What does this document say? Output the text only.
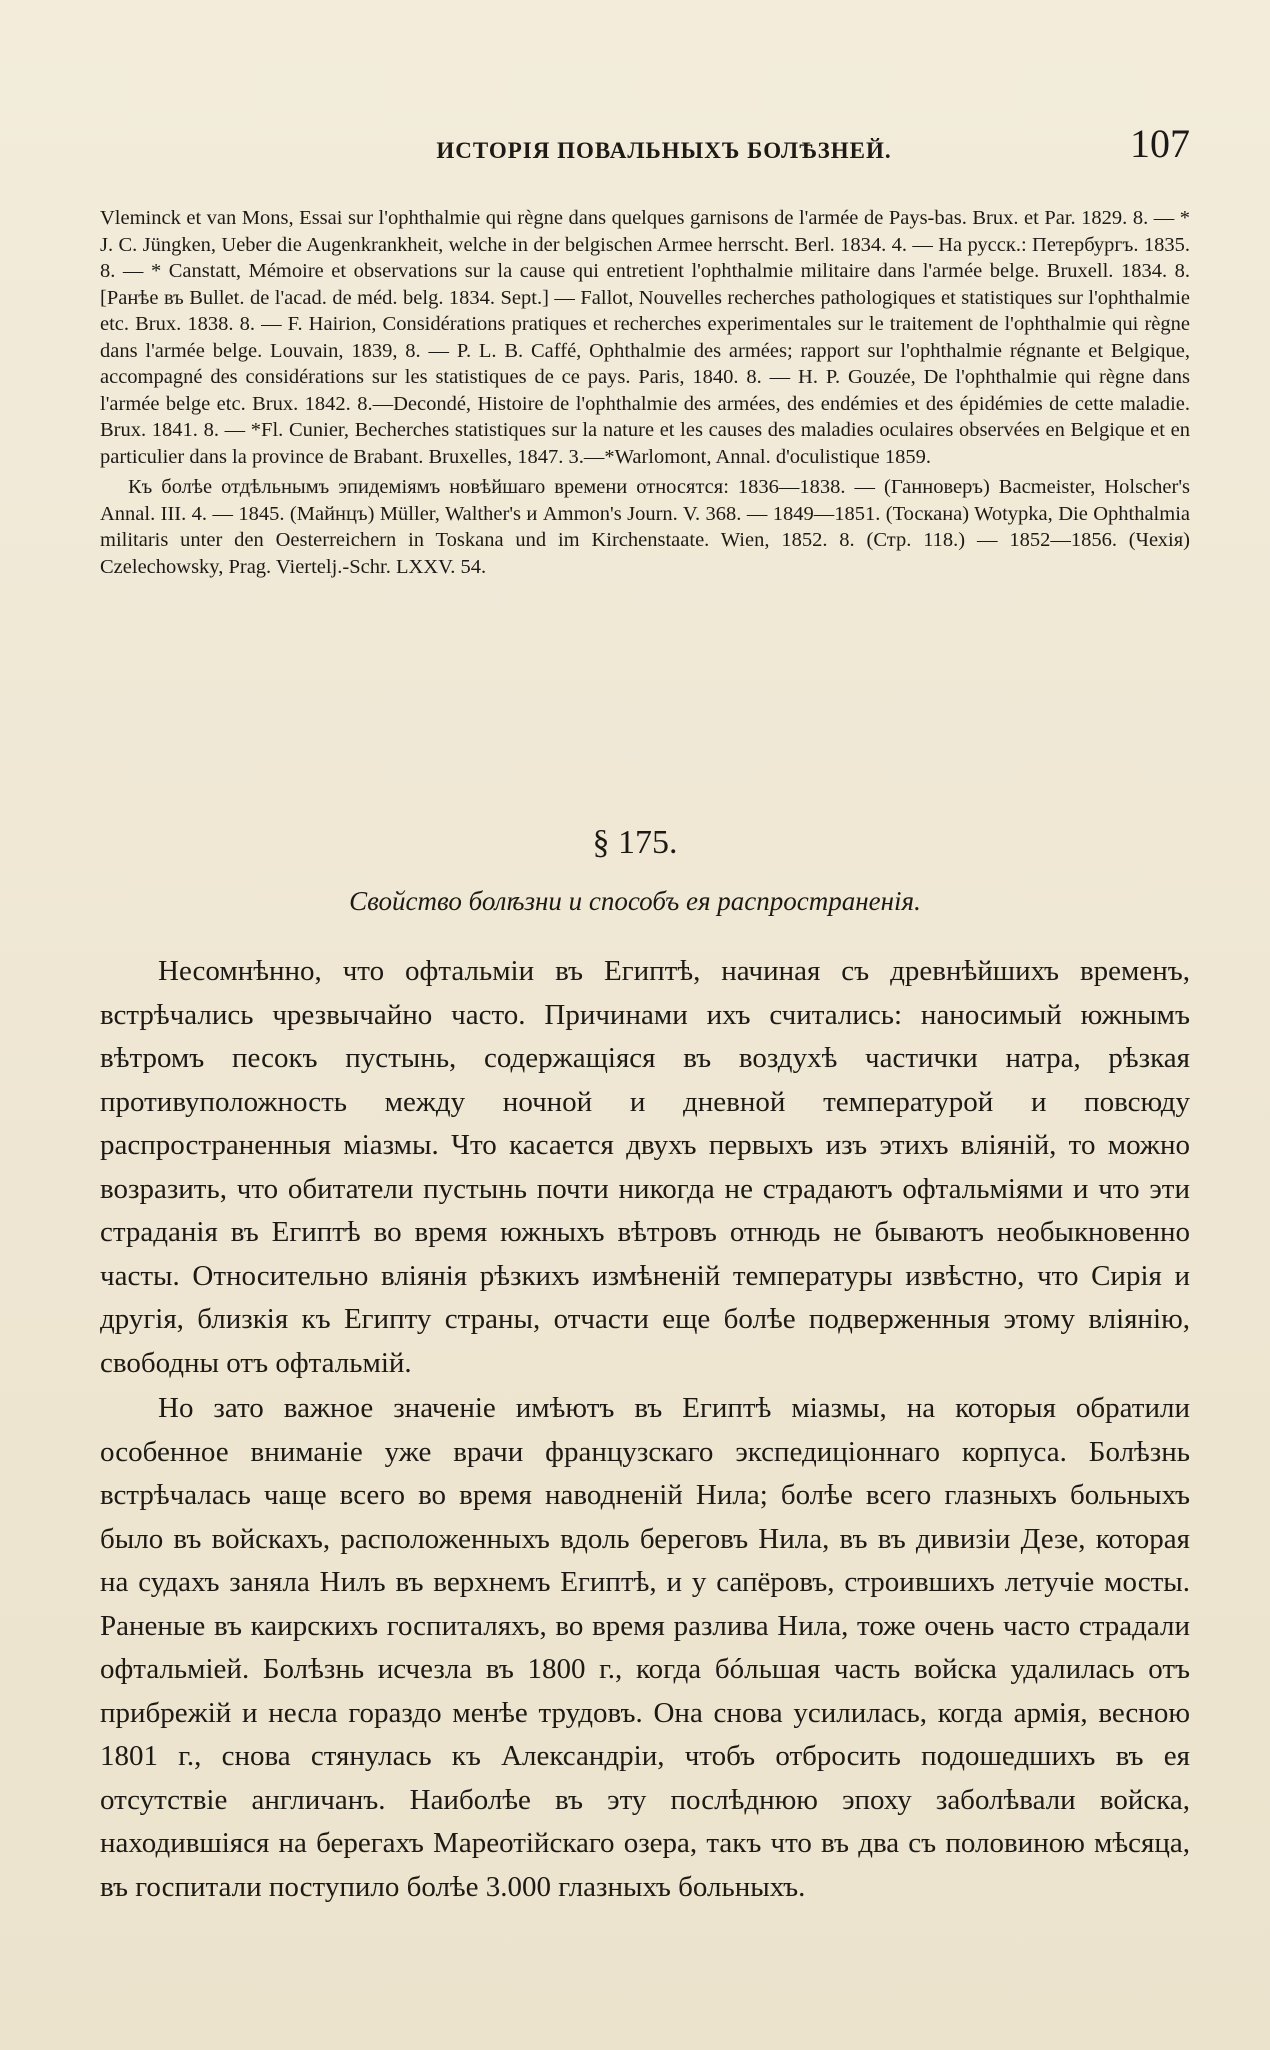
ИСТОРІЯ ПОВАЛЬНЫХЪ БОЛѢЗНЕЙ.	107

Vleminck et van Mons, Essai sur l'ophthalmie qui règne dans quelques garnisons de l'armée de Pays-bas. Brux. et Par. 1829. 8. — * J. C. Jüngken, Ueber die Augenkrankheit, welche in der belgischen Armee herrscht. Berl. 1834. 4. — На русск.: Петербургъ. 1835. 8. — * Canstatt, Mémoire et observations sur la cause qui entretient l'ophthalmie militaire dans l'armée belge. Bruxell. 1834. 8. [Ранѣе въ Bullet. de l'acad. de méd. belg. 1834. Sept.] — Fallot, Nouvelles recherches pathologiques et statistiques sur l'ophthalmie etc. Brux. 1838. 8. — F. Hairion, Considérations pratiques et recherches experimentales sur le traitement de l'ophthalmie qui règne dans l'armée belge. Louvain, 1839, 8. — P. L. B. Caffé, Ophthalmie des armées; rapport sur l'ophthalmie régnante et Belgique, accompagné des considérations sur les statistiques de ce pays. Paris, 1840. 8. — H. P. Gouzée, De l'ophthalmie qui règne dans l'armée belge etc. Brux. 1842. 8.—Decondé, Histoire de l'ophthalmie des armées, des endémies et des épidémies de cette maladie. Brux. 1841. 8. — *Fl. Cunier, Becherches statistiques sur la nature et les causes des maladies oculaires observées en Belgique et en particulier dans la province de Brabant. Bruxelles, 1847. 3.—*Warlomont, Annal. d'oculistique 1859.

Къ болѣе отдѣльнымъ эпидеміямъ новѣйшаго времени относятся: 1836—1838. — (Ганноверъ) Bacmeister, Holscher's Annal. III. 4. — 1845. (Майнцъ) Müller, Walther's и Ammon's Journ. V. 368. — 1849—1851. (Тоскана) Wotypka, Die Ophthalmia militaris unter den Oesterreichern in Toskana und im Kirchenstaate. Wien, 1852. 8. (Стр. 118.) — 1852—1856. (Чехія) Czelechowsky, Prag. Viertelj.-Schr. LXXV. 54.

§ 175.
Свойство болѣзни и способъ ея распространенія.

Несомнѣнно, что офтальміи въ Египтѣ, начиная съ древнѣйшихъ временъ, встрѣчались чрезвычайно часто. Причинами ихъ считались: наносимый южнымъ вѣтромъ песокъ пустынь, содержащіяся въ воздухѣ частички натра, рѣзкая противуположность между ночной и дневной температурой и повсюду распространенныя міазмы. Что касается двухъ первыхъ изъ этихъ вліяній, то можно возразить, что обитатели пустынь почти никогда не страдаютъ офтальміями и что эти страданія въ Египтѣ во время южныхъ вѣтровъ отнюдь не бываютъ необыкновенно часты. Относительно вліянія рѣзкихъ измѣненій температуры извѣстно, что Сирія и другія, близкія къ Египту страны, отчасти еще болѣе подверженныя этому вліянію, свободны отъ офтальмій.

Но зато важное значеніе имѣютъ въ Египтѣ міазмы, на которыя обратили особенное вниманіе уже врачи французскаго экспедиціоннаго корпуса. Болѣзнь встрѣчалась чаще всего во время наводненій Нила; болѣе всего глазныхъ больныхъ было въ войскахъ, расположенныхъ вдоль береговъ Нила, въ въ дивизіи Дезе, которая на судахъ заняла Нилъ въ верхнемъ Египтѣ, и у сапёровъ, строившихъ летучіе мосты. Раненые въ каирскихъ госпиталяхъ, во время разлива Нила, тоже очень часто страдали офтальміей. Болѣзнь исчезла въ 1800 г., когда бóльшая часть войска удалилась отъ прибрежій и несла гораздо менѣе трудовъ. Она снова усилилась, когда армія, весною 1801 г., снова стянулась къ Александріи, чтобъ отбросить подошедшихъ въ ея отсутствіе англичанъ. Наиболѣе въ эту послѣднюю эпоху заболѣвали войска, находившіяся на берегахъ Мареотійскаго озера, такъ что въ два съ половиною мѣсяца, въ госпитали поступило болѣе 3.000 глазныхъ больныхъ.
